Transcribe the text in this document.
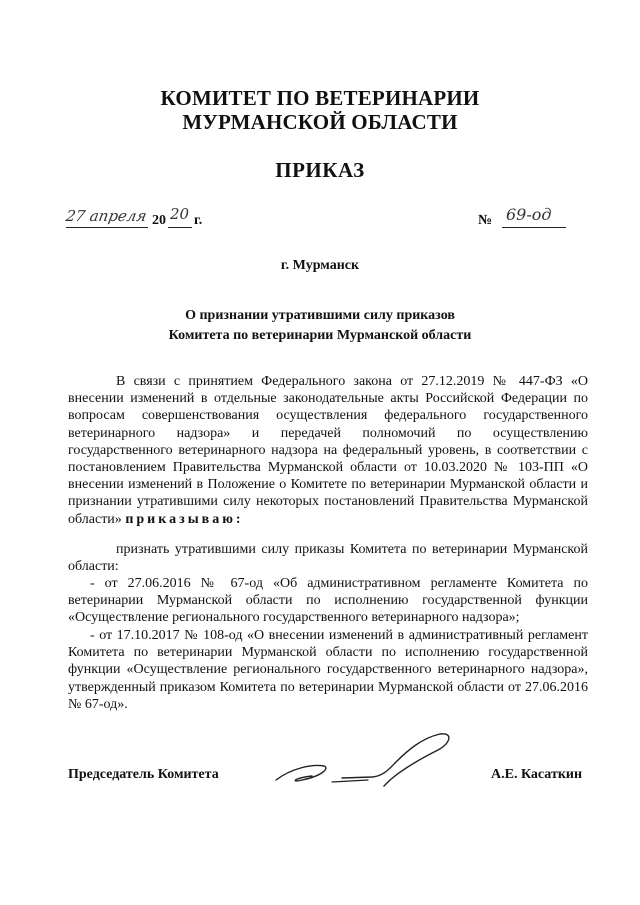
КОМИТЕТ ПО ВЕТЕРИНАРИИ
МУРМАНСКОЙ ОБЛАСТИ
ПРИКАЗ
27 апреля 20 20 г.	№ 69-од
г. Мурманск
О признании утратившими силу приказов
Комитета по ветеринарии Мурманской области
В связи с принятием Федерального закона от 27.12.2019 № 447-ФЗ «О внесении изменений в отдельные законодательные акты Российской Федерации по вопросам совершенствования осуществления федерального государственного ветеринарного надзора» и передачей полномочий по осуществлению государственного ветеринарного надзора на федеральный уровень, в соответствии с постановлением Правительства Мурманской области от 10.03.2020 № 103-ПП «О внесении изменений в Положение о Комитете по ветеринарии Мурманской области и признании утратившими силу некоторых постановлений Правительства Мурманской области» приказываю:
признать утратившими силу приказы Комитета по ветеринарии Мурманской области:
- от 27.06.2016 № 67-од «Об административном регламенте Комитета по ветеринарии Мурманской области по исполнению государственной функции «Осуществление регионального государственного ветеринарного надзора»;
- от 17.10.2017 № 108-од «О внесении изменений в административный регламент Комитета по ветеринарии Мурманской области по исполнению государственной функции «Осуществление регионального государственного ветеринарного надзора», утвержденный приказом Комитета по ветеринарии Мурманской области от 27.06.2016 № 67-од».
Председатель Комитета	А.Е. Касаткин
